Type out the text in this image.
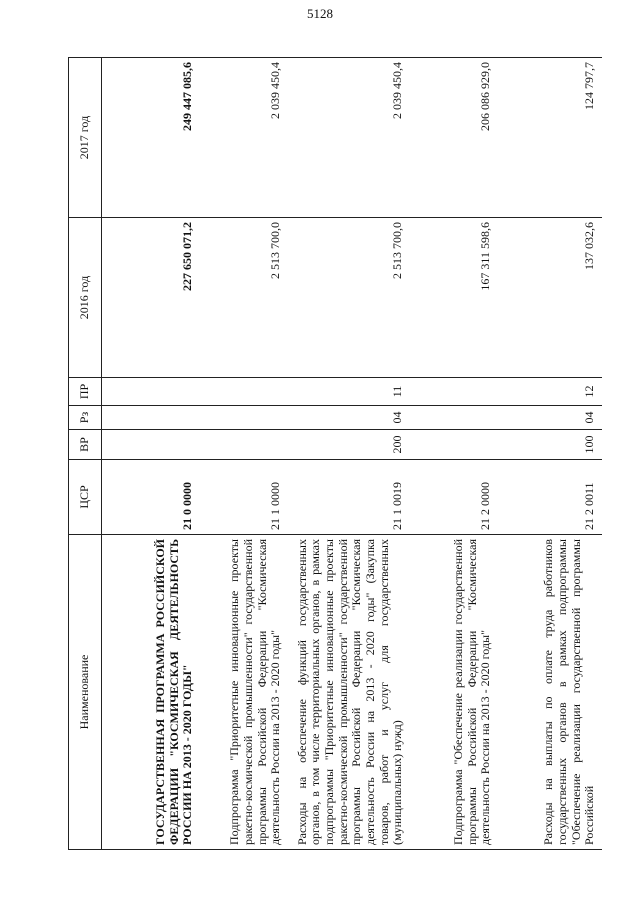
5128
Наименование	ЦСР	ВР	Рз	ПР	2016 год	2017 год
ГОСУДАРСТВЕННАЯ ПРОГРАММА РОССИЙСКОЙ ФЕДЕРАЦИИ "КОСМИЧЕСКАЯ ДЕЯТЕЛЬНОСТЬ РОССИИ НА 2013 - 2020 ГОДЫ"	21 0 0000				227 650 071,2	249 447 085,6
Подпрограмма "Приоритетные инновационные проекты ракетно-космической промышленности" государственной программы Российской Федерации "Космическая деятельность России на 2013 - 2020 годы"	21 1 0000				2 513 700,0	2 039 450,4
Расходы на обеспечение функций государственных органов, в том числе территориальных органов, в рамках подпрограммы "Приоритетные инновационные проекты ракетно-космической промышленности" государственной программы Российской Федерации "Космическая деятельность России на 2013 - 2020 годы" (Закупка товаров, работ и услуг для государственных (муниципальных) нужд)	21 1 0019	200	04	11	2 513 700,0	2 039 450,4
Подпрограмма "Обеспечение реализации государственной программы Российской Федерации "Космическая деятельность России на 2013 - 2020 годы"	21 2 0000				167 311 598,6	206 086 929,0
Расходы на выплаты по оплате труда работников государственных органов в рамках подпрограммы "Обеспечение реализации государственной программы Российской	21 2 0011	100	04	12	137 032,6	124 797,7
